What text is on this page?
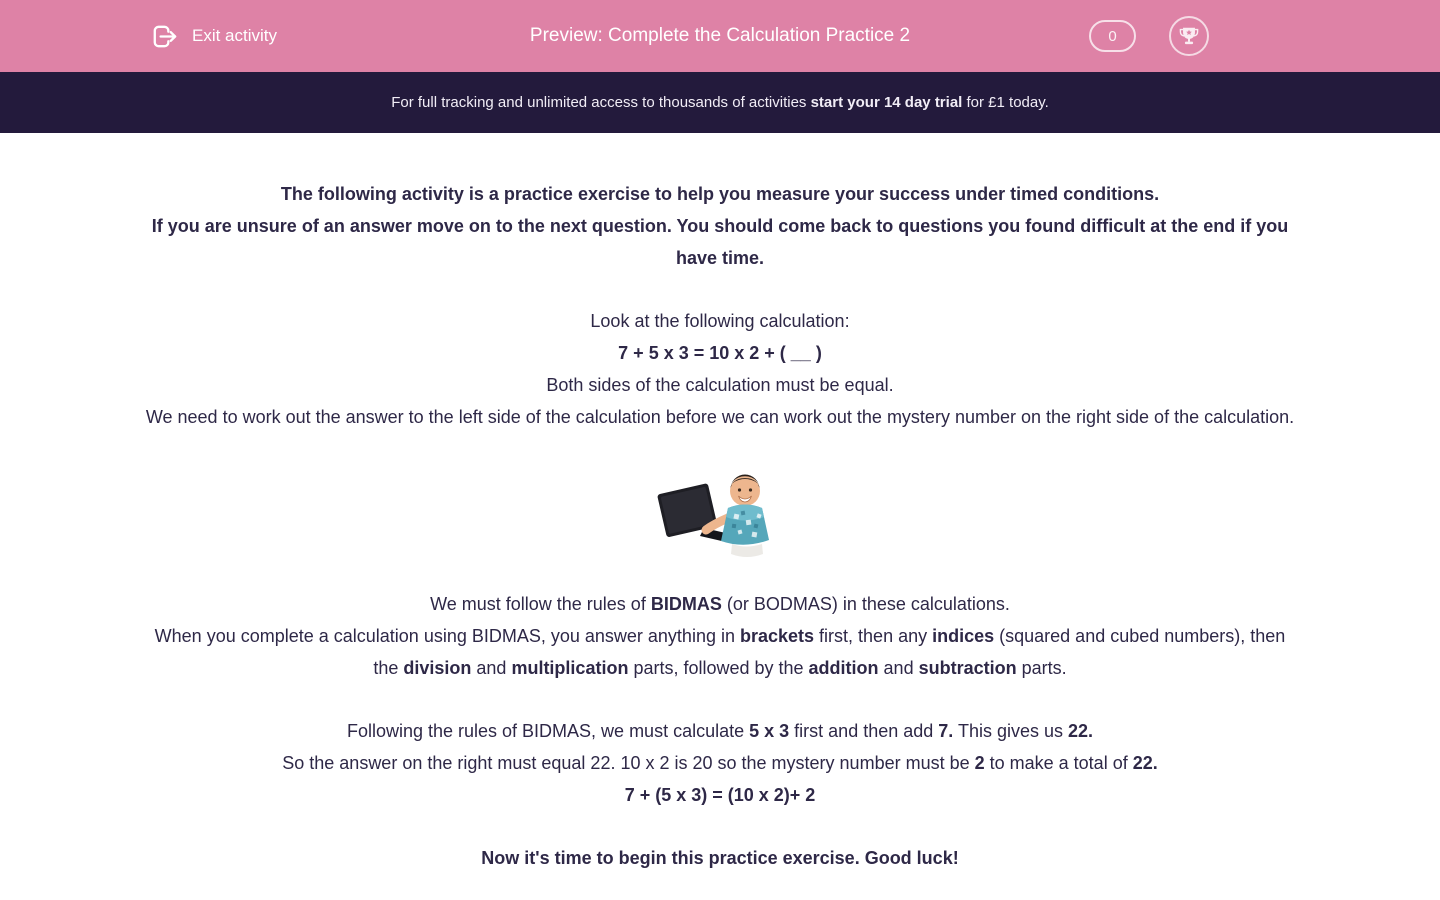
Exit activity	Preview: Complete the Calculation Practice 2	0
For full tracking and unlimited access to thousands of activities start your 14 day trial for £1 today.

The following activity is a practice exercise to help you measure your success under timed conditions.
If you are unsure of an answer move on to the next question. You should come back to questions you found difficult at the end if you have time.

Look at the following calculation:
7 + 5 x 3 = 10 x 2 + ( __ )
Both sides of the calculation must be equal.
We need to work out the answer to the left side of the calculation before we can work out the mystery number on the right side of the calculation.

We must follow the rules of BIDMAS (or BODMAS) in these calculations.
When you complete a calculation using BIDMAS, you answer anything in brackets first, then any indices (squared and cubed numbers), then the division and multiplication parts, followed by the addition and subtraction parts.

Following the rules of BIDMAS, we must calculate 5 x 3 first and then add 7. This gives us 22.
So the answer on the right must equal 22. 10 x 2 is 20 so the mystery number must be 2 to make a total of 22.
7 + (5 x 3) = (10 x 2)+ 2

Now it's time to begin this practice exercise. Good luck!
